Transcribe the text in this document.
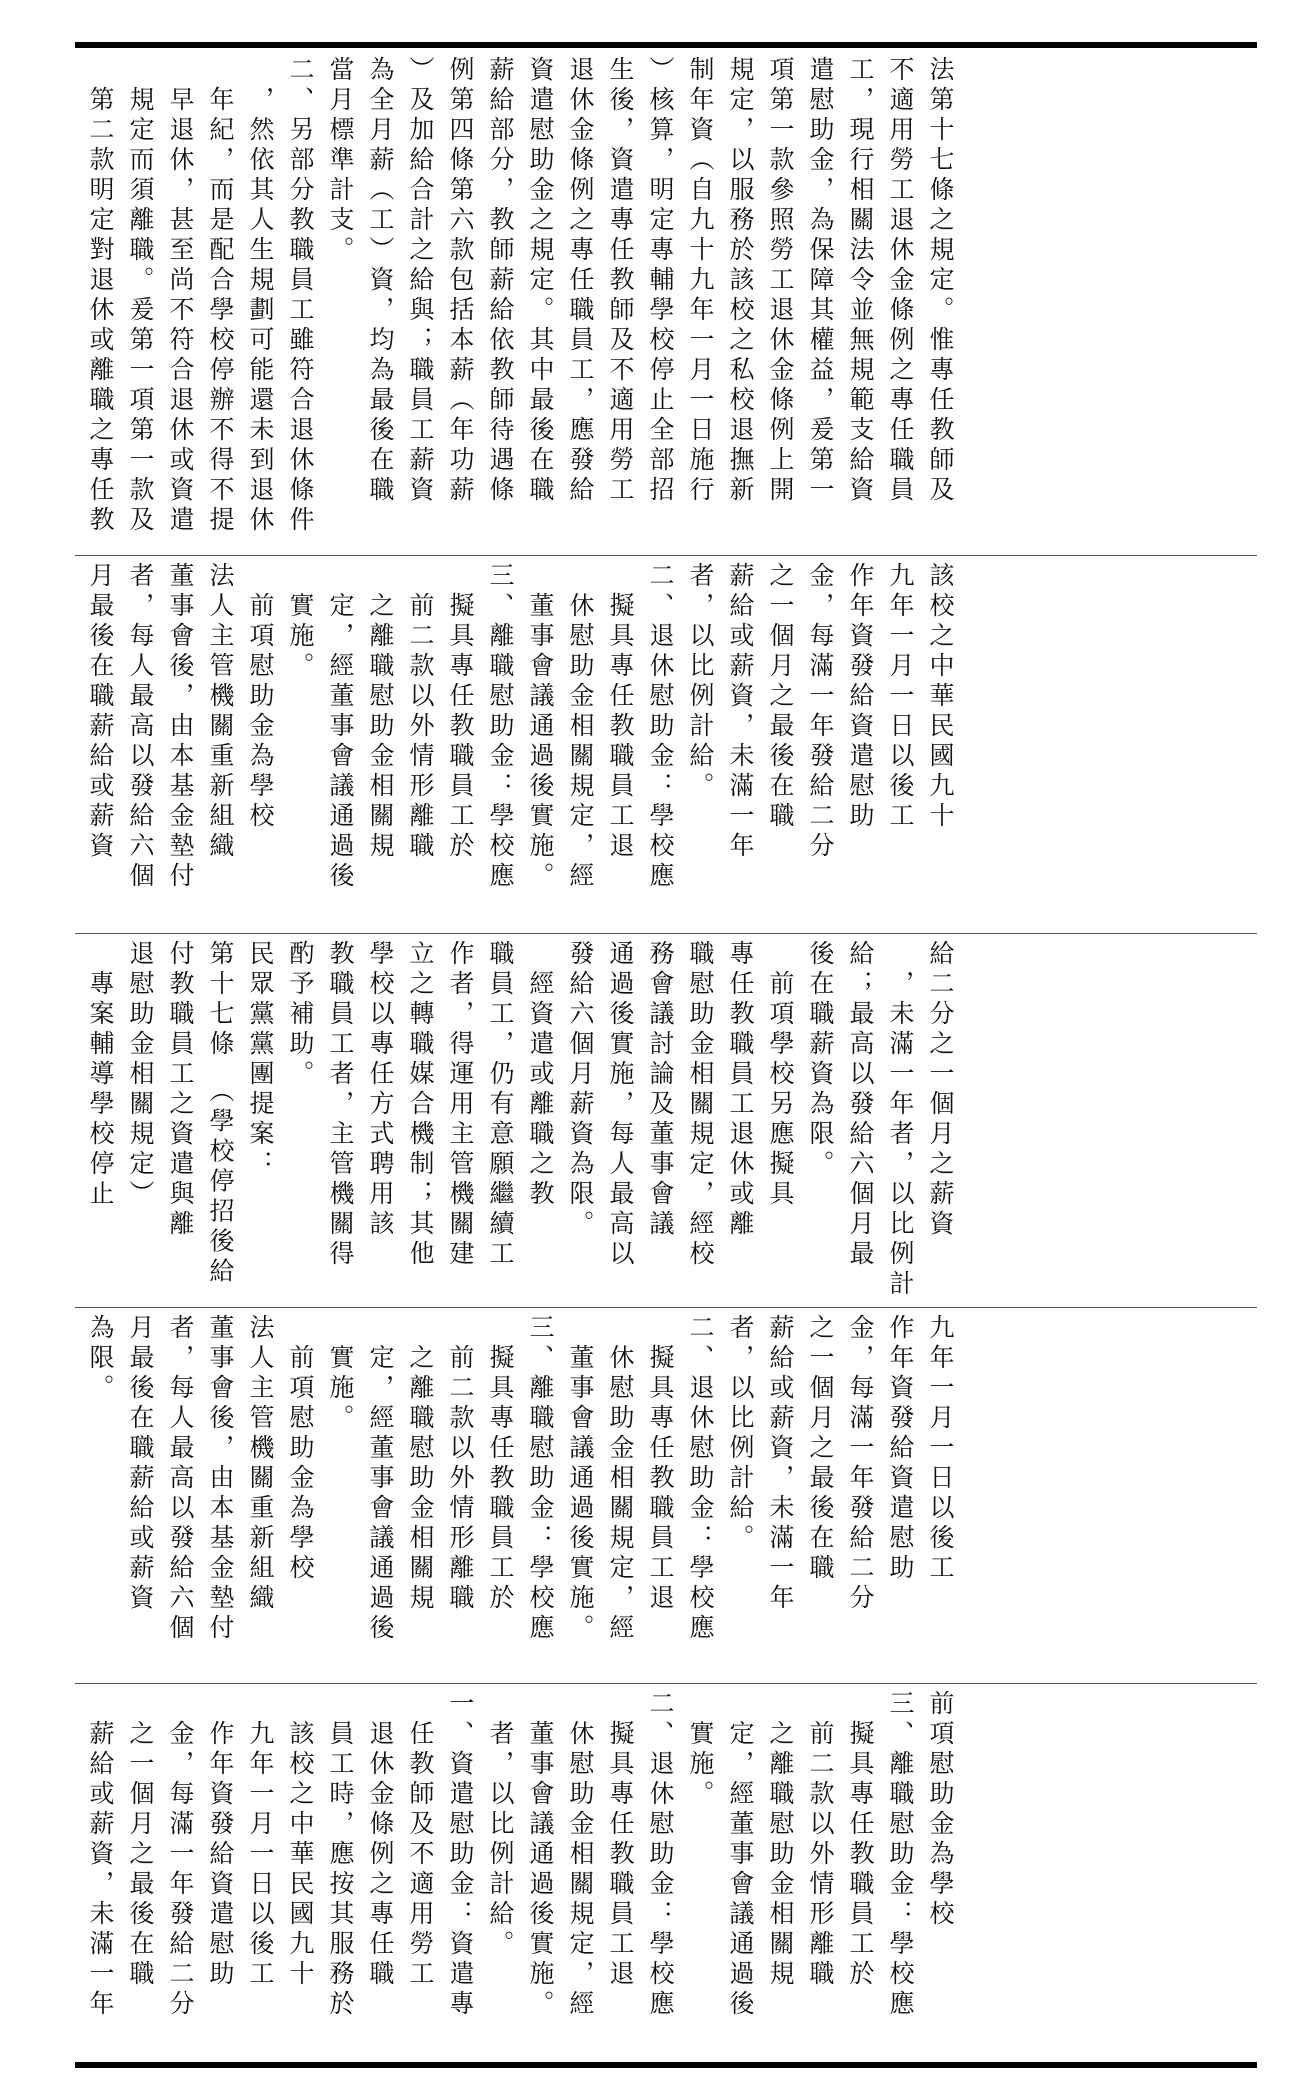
法第十七條之規定。惟專任教師及
不適用勞工退休金條例之專任職員
工，現行相關法令並無規範支給資
遣慰助金，為保障其權益，爰第一
項第一款參照勞工退休金條例上開
規定，以服務於該校之私校退撫新
制年資（自九十九年一月一日施行
）核算，明定專輔學校停止全部招
生後，資遣專任教師及不適用勞工
退休金條例之專任職員工，應發給
資遣慰助金之規定。其中最後在職
薪給部分，教師薪給依教師待遇條
例第四條第六款包括本薪（年功薪
）及加給合計之給與；職員工薪資
為全月薪（工）資，均為最後在職
當月標準計支。
二、另部分教職員工雖符合退休條件
　，然依其人生規劃可能還未到退休
　年紀，而是配合學校停辦不得不提
　早退休，甚至尚不符合退休或資遣
　規定而須離職。爰第一項第一款及
　第二款明定對退休或離職之專任教
該校之中華民國九十
九年一月一日以後工
作年資發給資遣慰助
金，每滿一年發給二分
之一個月之最後在職
薪給或薪資，未滿一年
者，以比例計給。
二、退休慰助金：學校應
　擬具專任教職員工退
　休慰助金相關規定，經
　董事會議通過後實施。
三、離職慰助金：學校應
　擬具專任教職員工於
　前二款以外情形離職
　之離職慰助金相關規
　定，經董事會議通過後
　實施。
　前項慰助金為學校
法人主管機關重新組織
董事會後，由本基金墊付
者，每人最高以發給六個
月最後在職薪給或薪資
給二分之一個月之薪資
　，未滿一年者，以比例計
給；最高以發給六個月最
後在職薪資為限。
　前項學校另應擬具
專任教職員工退休或離
職慰助金相關規定，經校
務會議討論及董事會議
通過後實施，每人最高以
發給六個月薪資為限。
　經資遣或離職之教
職員工，仍有意願繼續工
作者，得運用主管機關建
立之轉職媒合機制；其他
學校以專任方式聘用該
教職員工者，主管機關得
酌予補助。
民眾黨黨團提案：
第十七條　（學校停招後給
付教職員工之資遣與離
退慰助金相關規定）
　專案輔導學校停止
九年一月一日以後工
作年資發給資遣慰助
金，每滿一年發給二分
之一個月之最後在職
薪給或薪資，未滿一年
者，以比例計給。
二、退休慰助金：學校應
　擬具專任教職員工退
　休慰助金相關規定，經
　董事會議通過後實施。
三、離職慰助金：學校應
　擬具專任教職員工於
　前二款以外情形離職
　之離職慰助金相關規
　定，經董事會議通過後
　實施。
　前項慰助金為學校
法人主管機關重新組織
董事會後，由本基金墊付
者，每人最高以發給六個
月最後在職薪給或薪資
為限。
前項慰助金為學校
三、離職慰助金：學校應
　擬具專任教職員工於
　前二款以外情形離職
　之離職慰助金相關規
　定，經董事會議通過後
　實施。
二、退休慰助金：學校應
　擬具專任教職員工退
　休慰助金相關規定，經
　董事會議通過後實施。
　者，以比例計給。
一、資遣慰助金：資遣專
　任教師及不適用勞工
　退休金條例之專任職
　員工時，應按其服務於
　該校之中華民國九十
　九年一月一日以後工
　作年資發給資遣慰助
　金，每滿一年發給二分
　之一個月之最後在職
　薪給或薪資，未滿一年
